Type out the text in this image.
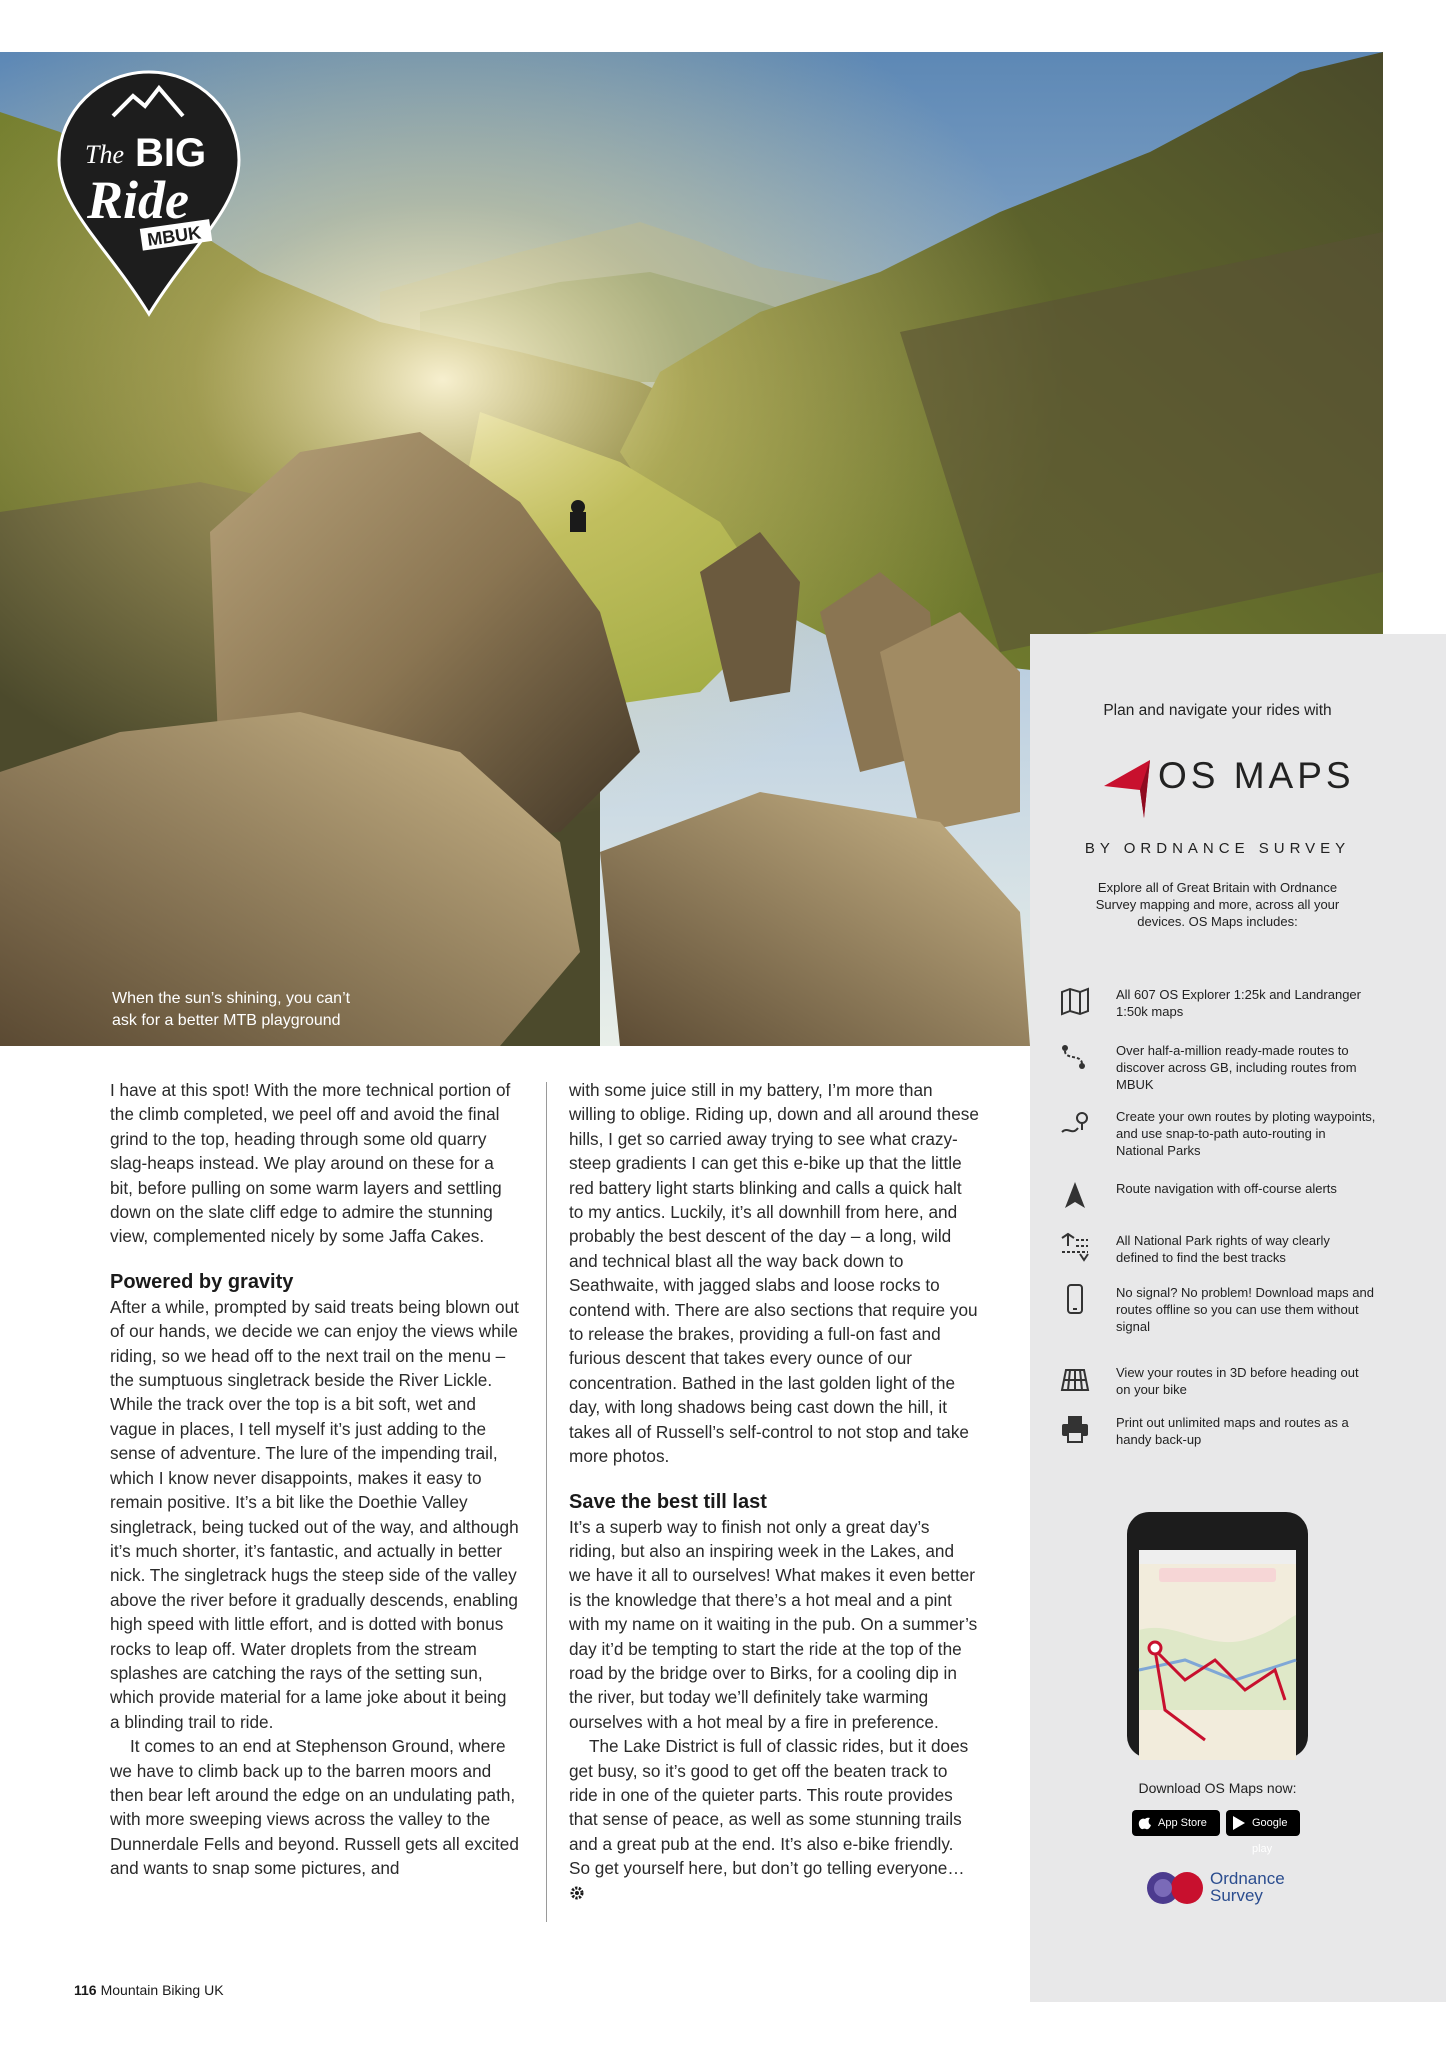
When the sun’s shining, you can’t
ask for a better MTB playground
The BIG
Ride
MBUK
Plan and navigate your rides with
OS MAPS
BY ORDNANCE SURVEY
Explore all of Great Britain with Ordnance Survey mapping and more, across all your devices. OS Maps includes:
All 607 OS Explorer 1:25k and Landranger 1:50k maps
Over half-a-million ready-made routes to discover across GB, including routes from MBUK
Create your own routes by ploting waypoints, and use snap-to-path auto-routing in National Parks
Route navigation with off-course alerts
All National Park rights of way clearly defined to find the best tracks
No signal? No problem! Download maps and routes offline so you can use them without signal
View your routes in 3D before heading out on your bike
Print out unlimited maps and routes as a handy back-up
Download OS Maps now:
App Store	Google play
Ordnance
Survey

I have at this spot! With the more technical portion of the climb completed, we peel off and avoid the final grind to the top, heading through some old quarry slag-heaps instead. We play around on these for a bit, before pulling on some warm layers and settling down on the slate cliff edge to admire the stunning view, complemented nicely by some Jaffa Cakes.

Powered by gravity

After a while, prompted by said treats being blown out of our hands, we decide we can enjoy the views while riding, so we head off to the next trail on the menu – the sumptuous singletrack beside the River Lickle. While the track over the top is a bit soft, wet and vague in places, I tell myself it’s just adding to the sense of adventure. The lure of the impending trail, which I know never disappoints, makes it easy to remain positive. It’s a bit like the Doethie Valley singletrack, being tucked out of the way, and although it’s much shorter, it’s fantastic, and actually in better nick. The singletrack hugs the steep side of the valley above the river before it gradually descends, enabling high speed with little effort, and is dotted with bonus rocks to leap off. Water droplets from the stream splashes are catching the rays of the setting sun, which provide material for a lame joke about it being a blinding trail to ride.

It comes to an end at Stephenson Ground, where we have to climb back up to the barren moors and then bear left around the edge on an undulating path, with more sweeping views across the valley to the Dunnerdale Fells and beyond. Russell gets all excited and wants to snap some pictures, and

with some juice still in my battery, I’m more than willing to oblige. Riding up, down and all around these hills, I get so carried away trying to see what crazy-steep gradients I can get this e-bike up that the little red battery light starts blinking and calls a quick halt to my antics. Luckily, it’s all downhill from here, and probably the best descent of the day – a long, wild and technical blast all the way back down to Seathwaite, with jagged slabs and loose rocks to contend with. There are also sections that require you to release the brakes, providing a full-on fast and furious descent that takes every ounce of our concentration. Bathed in the last golden light of the day, with long shadows being cast down the hill, it takes all of Russell’s self-control to not stop and take more photos.

Save the best till last

It’s a superb way to finish not only a great day’s riding, but also an inspiring week in the Lakes, and we have it all to ourselves! What makes it even better is the knowledge that there’s a hot meal and a pint with my name on it waiting in the pub. On a summer’s day it’d be tempting to start the ride at the top of the road by the bridge over to Birks, for a cooling dip in the river, but today we’ll definitely take warming ourselves with a hot meal by a fire in preference.

The Lake District is full of classic rides, but it does get busy, so it’s good to get off the beaten track to ride in one of the quieter parts. This route provides that sense of peace, as well as some stunning trails and a great pub at the end. It’s also e-bike friendly. So get yourself here, but don’t go telling everyone…

116 Mountain Biking UK
